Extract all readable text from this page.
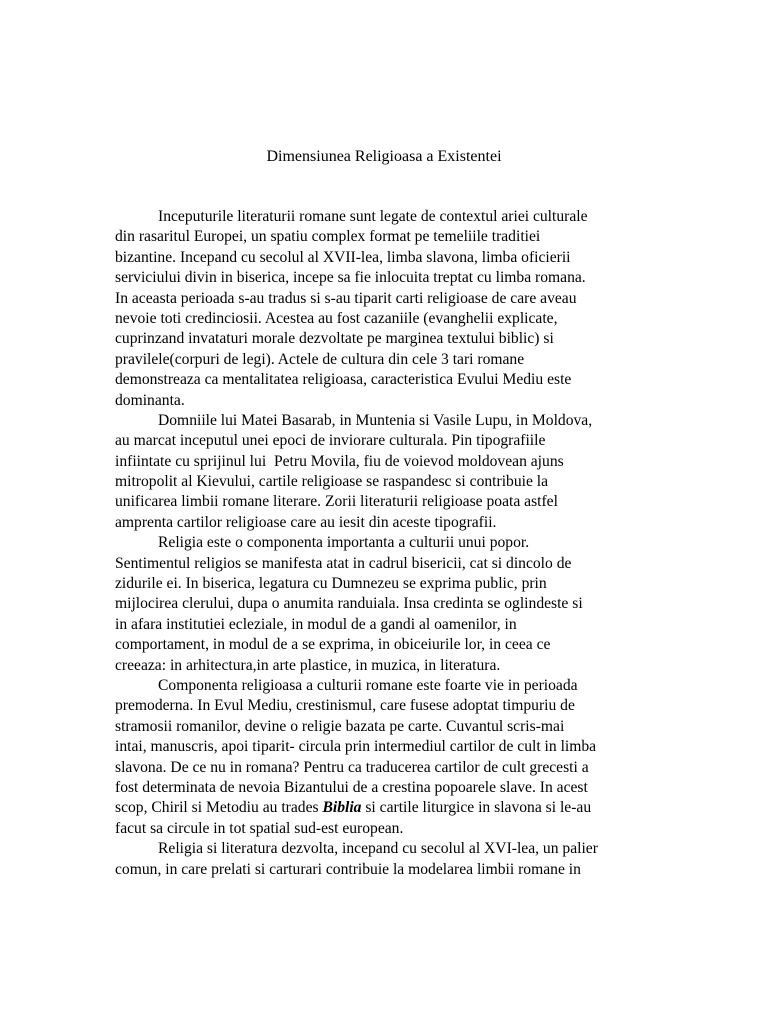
Dimensiunea Religioasa a Existentei
Inceputurile literaturii romane sunt legate de contextul ariei culturale
din rasaritul Europei, un spatiu complex format pe temeliile traditiei
bizantine. Incepand cu secolul al XVII-lea, limba slavona, limba oficierii
serviciului divin in biserica, incepe sa fie inlocuita treptat cu limba romana.
In aceasta perioada s-au tradus si s-au tiparit carti religioase de care aveau
nevoie toti credinciosii. Acestea au fost cazaniile (evanghelii explicate,
cuprinzand invataturi morale dezvoltate pe marginea textului biblic) si
pravilele(corpuri de legi). Actele de cultura din cele 3 tari romane
demonstreaza ca mentalitatea religioasa, caracteristica Evului Mediu este
dominanta.
Domniile lui Matei Basarab, in Muntenia si Vasile Lupu, in Moldova,
au marcat inceputul unei epoci de inviorare culturala. Pin tipografiile
infiintate cu sprijinul lui  Petru Movila, fiu de voievod moldovean ajuns
mitropolit al Kievului, cartile religioase se raspandesc si contribuie la
unificarea limbii romane literare. Zorii literaturii religioase poata astfel
amprenta cartilor religioase care au iesit din aceste tipografii.
Religia este o componenta importanta a culturii unui popor.
Sentimentul religios se manifesta atat in cadrul bisericii, cat si dincolo de
zidurile ei. In biserica, legatura cu Dumnezeu se exprima public, prin
mijlocirea clerului, dupa o anumita randuiala. Insa credinta se oglindeste si
in afara institutiei ecleziale, in modul de a gandi al oamenilor, in
comportament, in modul de a se exprima, in obiceiurile lor, in ceea ce
creeaza: in arhitectura,in arte plastice, in muzica, in literatura.
Componenta religioasa a culturii romane este foarte vie in perioada
premoderna. In Evul Mediu, crestinismul, care fusese adoptat timpuriu de
stramosii romanilor, devine o religie bazata pe carte. Cuvantul scris-mai
intai, manuscris, apoi tiparit- circula prin intermediul cartilor de cult in limba
slavona. De ce nu in romana? Pentru ca traducerea cartilor de cult grecesti a
fost determinata de nevoia Bizantului de a crestina popoarele slave. In acest
scop, Chiril si Metodiu au trades Biblia si cartile liturgice in slavona si le-au
facut sa circule in tot spatial sud-est european.
Religia si literatura dezvolta, incepand cu secolul al XVI-lea, un palier
comun, in care prelati si carturari contribuie la modelarea limbii romane in
